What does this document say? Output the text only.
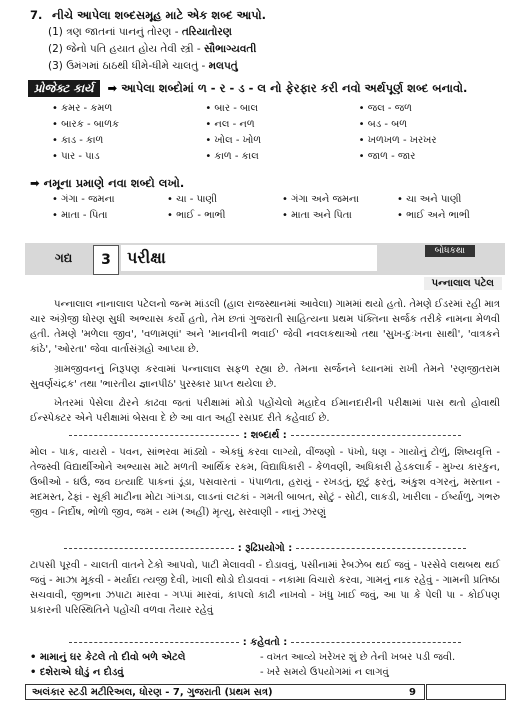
7. નીચે આપેલા શબ્દસમૂહ માટે એક શબ્દ આપો.
(1) ત્રણ જાતનાં પાનનું તોરણ - તરિયાતોરણ
(2) જેનો પતિ હયાત હોય તેવી સ્ત્રી - સૌભાગ્યવતી
(3) ઉમંગમાં ઠાઠથી ધીમે-ધીમે ચાલતું - મલપતું
પ્રોજેક્ટ કાર્ય ➡ આપેલા શબ્દોમાં ળ - ર - ડ - લ નો ફેરફાર કરી નવો અર્થપૂર્ણ શબ્દ બનાવો.
• કમર - કમળ	• બાર - બાલ	• જલ - જળ
• બારક - બાળક	• નલ - નળ	• બડ - બળ
• કાડ - કાળ	• ખોલ - ખોળ	• ખળખળ - ખરખર
• પાર - પાડ	• કાળ - કાલ	• જાળ - જાર
➡ નમૂના પ્રમાણે નવા શબ્દો લખો.
• ગંગા - જમના	• ચા - પાણી	• ગંગા અને જમના	• ચા અને પાણી
• માતા - પિતા	• ભાઈ - ભાભી	• માતા અને પિતા	• ભાઈ અને ભાભી
ગદ્ય	3	પરીક્ષા	બોધકથા
પન્નાલાલ પટેલ
પન્નાલાલ નાનાલાલ પટેલનો જન્મ માંડલી (હાલ રાજસ્થાનમાં આવેલા) ગામમાં થયો હતો. તેમણે ઈડરમાં રહી માત્ર ચાર અંગ્રેજી ધોરણ સુધી અભ્યાસ કર્યો હતો, તેમ છતાં ગુજરાતી સાહિત્યના પ્રથમ પંક્તિના સર્જક તરીકે નામના મેળવી હતી. તેમણે 'મળેલા જીવ', 'વળામણાં' અને 'માનવીની ભવાઈ' જેવી નવલકથાઓ તથા 'સુખ-દુઃખના સાથી', 'વાત્રકને કાંઠે', 'ઓરતા' જેવા વાર્તાસંગ્રહો આપ્યા છે.
ગ્રામજીવનનું નિરૂપણ કરવામાં પન્નાલાલ સફળ રહ્યા છે. તેમના સર્જનને ધ્યાનમાં રાખી તેમને 'રણજીતરામ સુવર્ણચંદ્રક' તથા 'ભારતીય જ્ઞાનપીઠ' પુરસ્કાર પ્રાપ્ત થયેલા છે.
ખેતરમાં પેસેલા ઢોરને કાઢવા જતાં પરીક્ષામાં મોડો પહોંચેલો મહાદેવ ઈમાનદારીની પરીક્ષામાં પાસ થતો હોવાથી ઈન્સ્પેક્ટર એને પરીક્ષામાં બેસવા દે છે આ વાત અહીં રસપ્રદ રીતે કહેવાઈ છે.
: શબ્દાર્થ :
મોલ - પાક, વાયરો - પવન, સાંભરવા માંડ્યો - એકધું કરવા લાગ્યો, વીંજણો - પંખો, ધણ - ગાયોનું ટોળું, શિષ્યવૃત્તિ - તેજસ્વી વિદ્યાર્થીઓને અભ્યાસ માટે મળતી આર્થિક રકમ, વિદ્યાધિકારી - કેળવણી, અધિકારી હેડકલાર્ક - મુખ્ય કારકુન, ઉબીઓ - ઘઉં, જવ ઇત્યાદિ પાકનાં ડૂંડા, પસવારતાં - પંપાળતા, હરાયું - રખડતું, છૂટું ફરતું, અંકુશ વગરનું, મસ્તાન - મદમસ્ત, ઢેફાં - સૂકી માટીના મોટા ગાંગડા, લાડનાં લટકાં - ગમતી બાબત, સોટું - સોટી, લાકડી, ખારીલા - ઈર્ષ્યાળુ, ગભરુ જીવ - નિર્દોષ, ભોળો જીવ, જમ - યમ (અહીં) મૃત્યુ, સરવાણી - નાનું ઝરણું
: રૂઢિપ્રયોગો :
ટાપસી પૂરવી - ચાલતી વાતને ટેકો આપવો, પાટી મેલાવવી - દોડાવવું, પસીનામાં રેબઝેબ થઈ જવું - પરસેવે લથબથ થઈ જવું - માઝા મૂકવી - મર્યાદા ત્યજી દેવી, ખાલી થોડો દોડાવવાં - નકામા વિચારો કરવા, ગામનું નાક રહેવું - ગામની પ્રતિષ્ઠા સચવાવી, જીભના ઝપાટા મારવા - ગપ્પાં મારવાં, કાપલો કાઢી નાખવો - ખંધુ ખાઈ જવું, આ પા કે પેલી પા - કોઈપણ પ્રકારની પરિસ્થિતિને પહોંચી વળવા તૈયાર રહેવું
: કહેવતો :
• મામાનું ઘર કેટલે તો દીવો બળે એટલે	- વખત આવ્યે ખરેખર શું છે તેની ખબર પડી જવી.
• દશેરાએ ઘોડું ન દોડવું	- ખરે સમયે ઉપયોગમાં ન લાગવું
અલંકાર સ્ટડી મટીરિઅલ, ધોરણ - 7, ગુજરાતી (પ્રથમ સત્ર)	9
